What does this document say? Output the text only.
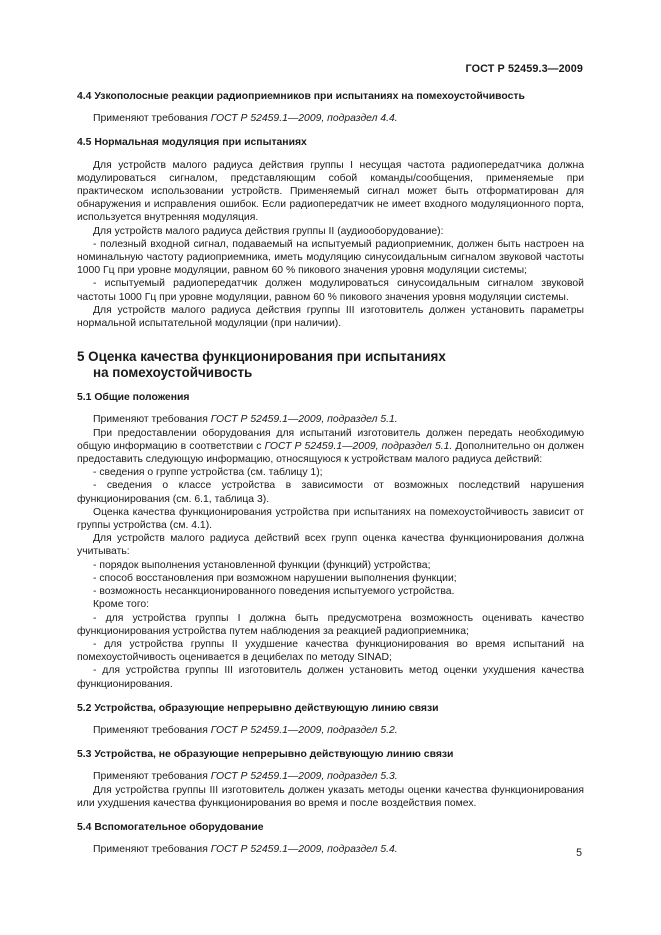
ГОСТ Р 52459.3—2009
4.4 Узкополосные реакции радиоприемников при испытаниях на помехоустойчивость

Применяют требования ГОСТ Р 52459.1—2009, подраздел 4.4.

4.5 Нормальная модуляция при испытаниях

Для устройств малого радиуса действия группы I несущая частота радиопередатчика должна модулироваться сигналом, представляющим собой команды/сообщения, применяемые при практическом использовании устройств. Применяемый сигнал может быть отформатирован для обнаружения и исправления ошибок. Если радиопередатчик не имеет входного модуляционного порта, используется внутренняя модуляция.

Для устройств малого радиуса действия группы II (аудиооборудование):

- полезный входной сигнал, подаваемый на испытуемый радиоприемник, должен быть настроен на номинальную частоту радиоприемника, иметь модуляцию синусоидальным сигналом звуковой частоты 1000 Гц при уровне модуляции, равном 60 % пикового значения уровня модуляции системы;

- испытуемый радиопередатчик должен модулироваться синусоидальным сигналом звуковой частоты 1000 Гц при уровне модуляции, равном 60 % пикового значения уровня модуляции системы.

Для устройств малого радиуса действия группы III изготовитель должен установить параметры нормальной испытательной модуляции (при наличии).

5 Оценка качества функционирования при испытаниях
на помехоустойчивость
5.1 Общие положения

Применяют требования ГОСТ Р 52459.1—2009, подраздел 5.1.

При предоставлении оборудования для испытаний изготовитель должен передать необходимую общую информацию в соответствии с ГОСТ Р 52459.1—2009, подраздел 5.1. Дополнительно он должен предоставить следующую информацию, относящуюся к устройствам малого радиуса действий:

- сведения о группе устройства (см. таблицу 1);

- сведения о классе устройства в зависимости от возможных последствий нарушения функционирования (см. 6.1, таблица 3).

Оценка качества функционирования устройства при испытаниях на помехоустойчивость зависит от группы устройства (см. 4.1).

Для устройств малого радиуса действий всех групп оценка качества функционирования должна учитывать:

- порядок выполнения установленной функции (функций) устройства;

- способ восстановления при возможном нарушении выполнения функции;

- возможность несанкционированного поведения испытуемого устройства.

Кроме того:

- для устройства группы I должна быть предусмотрена возможность оценивать качество функционирования устройства путем наблюдения за реакцией радиоприемника;

- для устройства группы II ухудшение качества функционирования во время испытаний на помехоустойчивость оценивается в децибелах по методу SINAD;

- для устройства группы III изготовитель должен установить метод оценки ухудшения качества функционирования.

5.2 Устройства, образующие непрерывно действующую линию связи

Применяют требования ГОСТ Р 52459.1—2009, подраздел 5.2.

5.3 Устройства, не образующие непрерывно действующую линию связи

Применяют требования ГОСТ Р 52459.1—2009, подраздел 5.3.

Для устройства группы III изготовитель должен указать методы оценки качества функционирования или ухудшения качества функционирования во время и после воздействия помех.

5.4 Вспомогательное оборудование

Применяют требования ГОСТ Р 52459.1—2009, подраздел 5.4.	5
